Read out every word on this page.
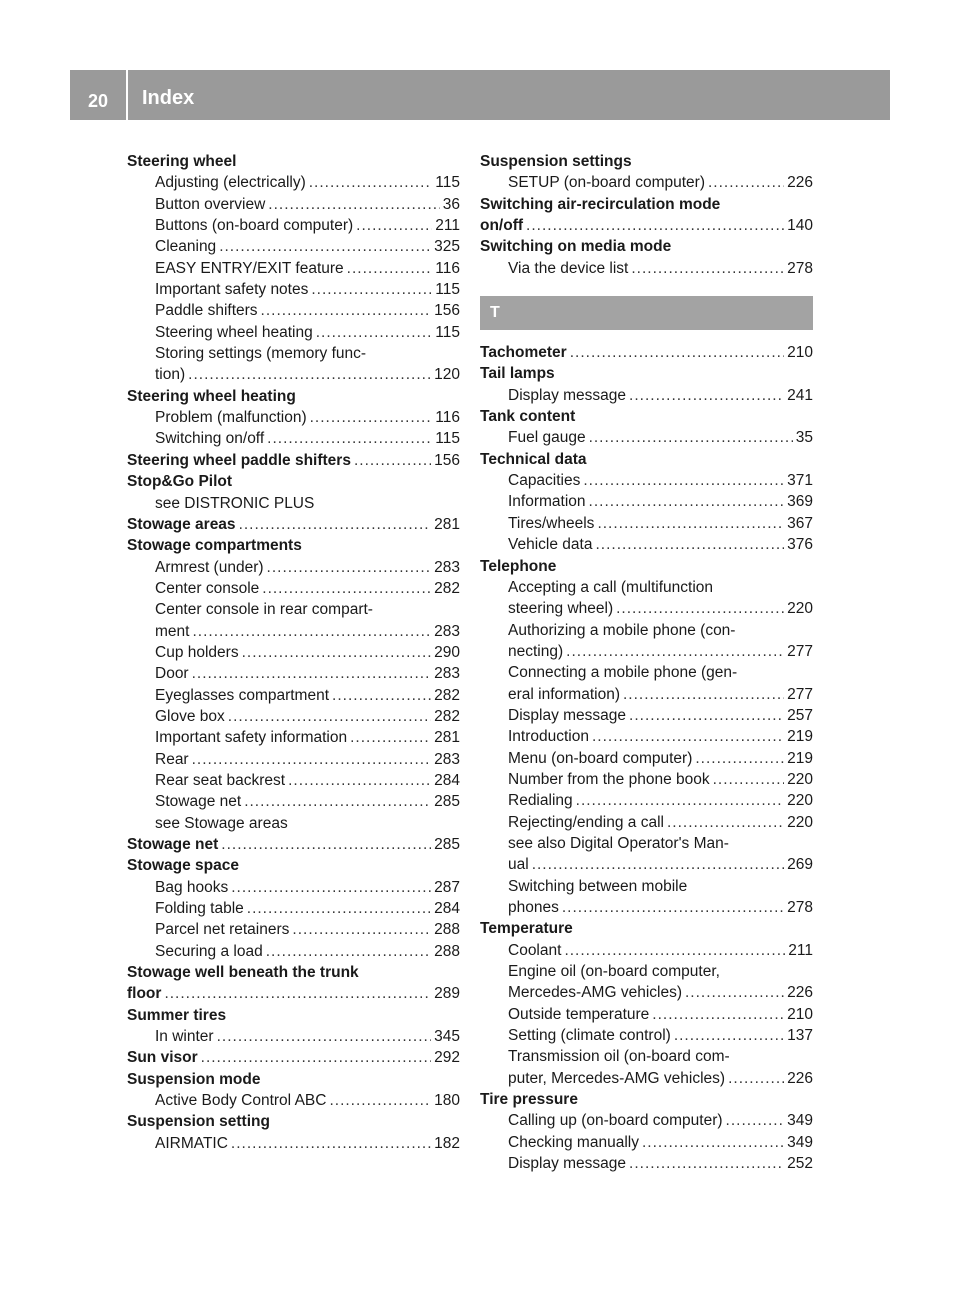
20	Index
Steering wheel
Adjusting (electrically) .....	115
Button overview .....	36
Buttons (on-board computer) .....	211
Cleaning .....	325
EASY ENTRY/EXIT feature .....	116
Important safety notes .....	115
Paddle shifters .....	156
Steering wheel heating .....	115
Storing settings (memory func-
tion) .....	120
Steering wheel heating
Problem (malfunction) .....	116
Switching on/off .....	115
Steering wheel paddle shifters .....	156
Stop&Go Pilot
see DISTRONIC PLUS
Stowage areas .....	281
Stowage compartments
Armrest (under) .....	283
Center console .....	282
Center console in rear compart-
ment .....	283
Cup holders .....	290
Door .....	283
Eyeglasses compartment .....	282
Glove box .....	282
Important safety information .....	281
Rear .....	283
Rear seat backrest .....	284
Stowage net .....	285
see Stowage areas
Stowage net .....	285
Stowage space
Bag hooks .....	287
Folding table .....	284
Parcel net retainers .....	288
Securing a load .....	288
Stowage well beneath the trunk
floor .....	289
Summer tires
In winter .....	345
Sun visor .....	292
Suspension mode
Active Body Control ABC .....	180
Suspension setting
AIRMATIC .....	182
Suspension settings
SETUP (on-board computer) .....	226
Switching air-recirculation mode
on/off .....	140
Switching on media mode
Via the device list .....	278
T
Tachometer .....	210
Tail lamps
Display message .....	241
Tank content
Fuel gauge .....	35
Technical data
Capacities .....	371
Information .....	369
Tires/wheels .....	367
Vehicle data .....	376
Telephone
Accepting a call (multifunction
steering wheel) .....	220
Authorizing a mobile phone (con-
necting) .....	277
Connecting a mobile phone (gen-
eral information) .....	277
Display message .....	257
Introduction .....	219
Menu (on-board computer) .....	219
Number from the phone book .....	220
Redialing .....	220
Rejecting/ending a call .....	220
see also Digital Operator's Man-
ual .....	269
Switching between mobile
phones .....	278
Temperature
Coolant .....	211
Engine oil (on-board computer,
Mercedes-AMG vehicles) .....	226
Outside temperature .....	210
Setting (climate control) .....	137
Transmission oil (on-board com-
puter, Mercedes-AMG vehicles) .....	226
Tire pressure
Calling up (on-board computer) .....	349
Checking manually .....	349
Display message .....	252
